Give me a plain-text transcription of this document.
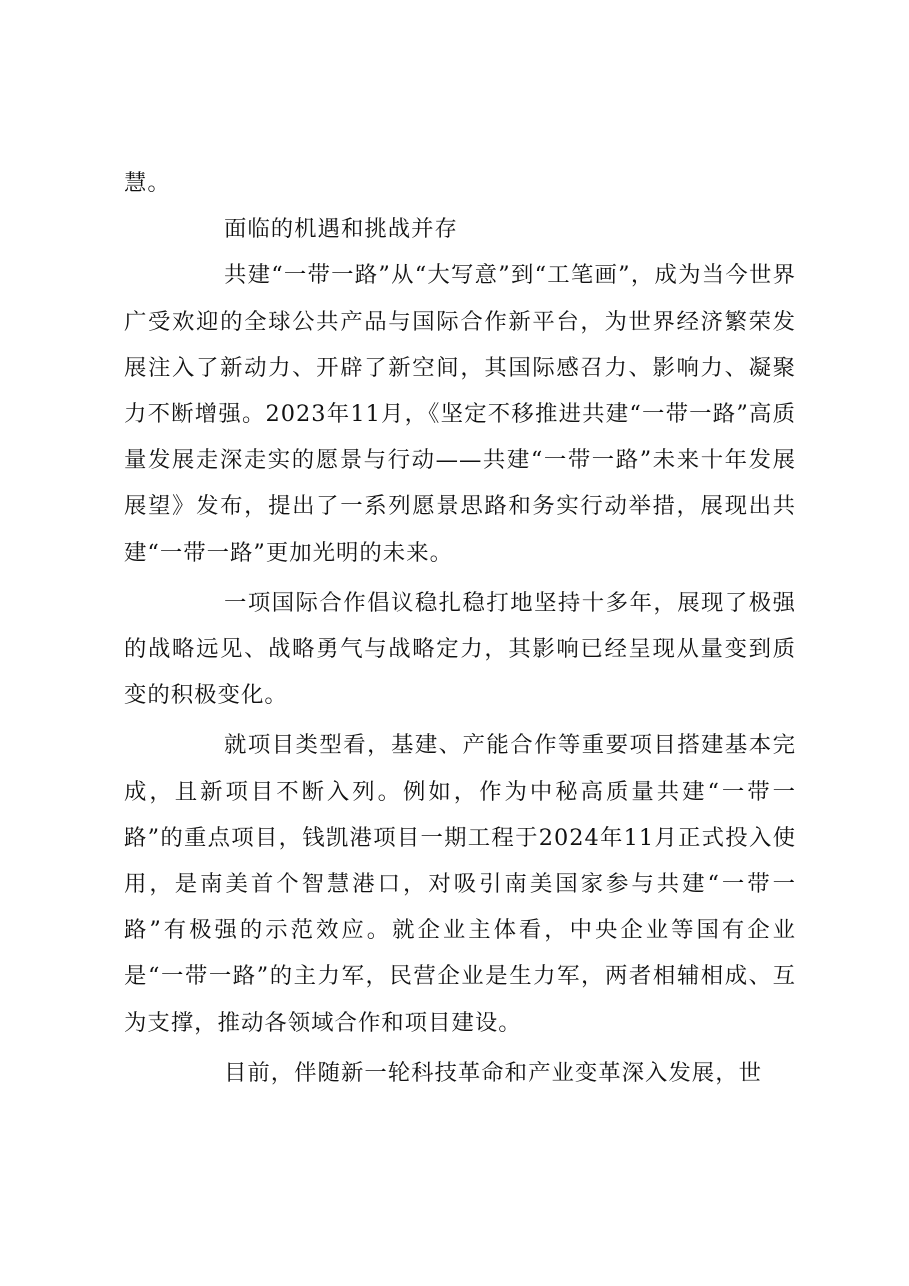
慧。

面临的机遇和挑战并存

共建“一带一路”从“大写意”到“工笔画”，成为当今世界广受欢迎的全球公共产品与国际合作新平台，为世界经济繁荣发展注入了新动力、开辟了新空间，其国际感召力、影响力、凝聚力不断增强。2023年11月，《坚定不移推进共建“一带一路”高质量发展走深走实的愿景与行动——共建“一带一路”未来十年发展展望》发布，提出了一系列愿景思路和务实行动举措，展现出共建“一带一路”更加光明的未来。

一项国际合作倡议稳扎稳打地坚持十多年，展现了极强的战略远见、战略勇气与战略定力，其影响已经呈现从量变到质变的积极变化。

就项目类型看，基建、产能合作等重要项目搭建基本完成，且新项目不断入列。例如，作为中秘高质量共建“一带一路”的重点项目，钱凯港项目一期工程于2024年11月正式投入使用，是南美首个智慧港口，对吸引南美国家参与共建“一带一路”有极强的示范效应。就企业主体看，中央企业等国有企业是“一带一路”的主力军，民营企业是生力军，两者相辅相成、互为支撑，推动各领域合作和项目建设。

目前，伴随新一轮科技革命和产业变革深入发展，世
